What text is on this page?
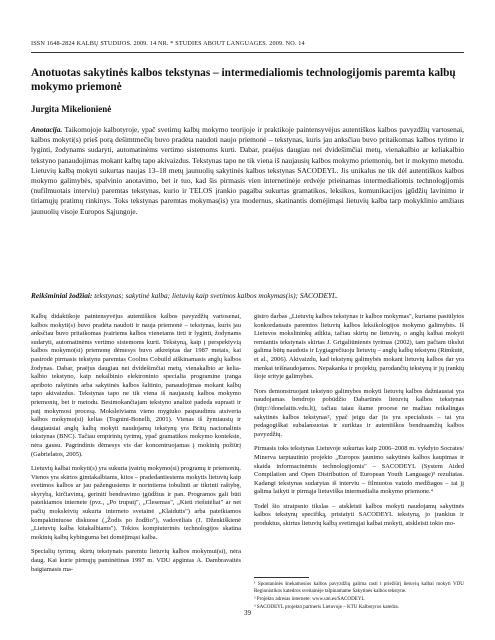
ISSN 1648-2824 KALBŲ STUDIJOS. 2009. 14 NR. * STUDIES ABOUT LANGUAGES. 2009. NO. 14
Anotuotas sakytinės kalbos tekstynas – intermedialiomis technologijomis paremta kalbų mokymo priemonė
Jurgita Mikelionienė
Anotacija. Taikomojoje kalbotyroje, ypač svetimų kalbų mokymo teorijoje ir praktikoje paintensyvėjus autentiškos kalbos pavyzdžių vartosenai, kalbos mokyti(s) prieš porą dešimtmečių buvo pradėta naudoti naujo priemonė – tekstynas, kuris jau anksčiau buvo pritaikomas kalbos tyrimo ir lyginti, žodynams sudaryti, automatinėms vertimo sistemoms kurti. Dabar, praėjus daugiau nei dvidešimčiai metų, vienakalbio ar keliakalbio tekstyno panaudojimas mokant kalbų tapo akivaizdus. Tekstynas tapo ne tik viena iš naujausių kalbos mokymo priemonių, bet ir mokymo metodu. Lietuvių kalbą mokyti sukurtas naujas 13–18 metų jaunuolių sakytinės kalbos tekstynas SACODEYL. Jis unikalus ne tik dėl autentiškos kalbos mokymo galimybės, spalvinio anotavimo, bet ir tuo, kad šis pirmasis vien internetinėje erdvėje prieinamas intermedialiomis technologijomis (nufilmuotais interviu) paremtas tekstynas, kurio ir TELOS įrankio pagalba sukurtas gramatikos, leksikos, komunikacijos įgūdžių lavinimo ir tiriamųjų pratimų rinkinys. Toks tekstynas paremtas mokymas(is) yra modernus, skatinantis domėjimąsi lietuvių kalba tarp mokyklinio amžiaus jaunuolių visoje Europos Sąjungoje.
Reikšminiai žodžiai: tekstynas; sakytinė kalba; lietuvių kaip svetimos kalbos mokymas(is); SACODEYL.

Kalbų didaktikoje paintensyvėjus autentiškos kalbos pavyzdžių vartosenai, kalbos mokyti(s) buvo pradėta naudoti ir nauja priemonė – tekstynas, kuris jau anksčiau buvo pritaikomas įvairiems kalbos vienetams tirti ir lyginti, žodynams sudaryti, automatinėms vertimo sistemoms kurti. Tekstyną, kaip į perspektyvią kalbos mokymo(si) priemonę dėmesys buvo atkreiptas dar 1987 metais, kai pasirodė pirmasis tekstynu paremtas Coolins Cobuild aiškinamasis anglų kalbos žodynas. Dabar, praėjus daugiau nei dvidešimčiai metų, vienakalbio ar keliakalbio tekstyno, kaip nekalbinio elektroninio specialia programine įranga apriboto rašytinės arba sakytinės kalbos šaltinio, panaudojimas mokant kalbų tapo akivaizdus. Tekstynas tapo ne tik viena iš naujausių kalbos mokymo priemonių, bet ir metodu. Besimokančiajam tekstyno analizė padeda suprasti ir patį mokymosi procesą. Moksleiviams vieno mygtuko paspaudimu atsiveria kalbos mokymo(si) kelias (Tognini-Bonelli, 2001). Vienas iš žymiausių ir daugiausiai anglų kalbą mokyti naudojamų tekstynų yra Britų nacionalinis tekstynas (BNC). Tačiau empirinių tyrimų, ypač gramatikos mokymo kontekste, nėra gausu. Pagrindinis dėmesys vis dar koncentruojamas į mokinių požiūrį (Gabrielatos, 2005).

Lietuvių kalbai mokyti(s) yra sukurta įvairių mokymo(si) programų ir priemonių. Vienos yra skirtos gimtakalbiams, kitos – pradedantiesiems mokytis lietuvių kaip svetimos kalbos ar jau pažengusiems ir norintiems tobulinti ar tikrinti raštybę, skyrybą, kirčiavimą, geriniti bendravimo įgūdžius ir pan. Programos gali būti pateikiamos internete (pvz., „Po truputį", „Clesemas", „Kieti riešutėliai" ar net pačių moksleivių sukurta interneto svetainė „Klaidutis") arba pateikiamos kompaktiniuose diskuose („Žodis po žodžio"), vadovėliais (J. Dženkiškienė „Lietuvių kalba kitakalbiams"). Tokios kompiuterinės technologijos skatina mokinių kalbų kybinguma bei domėjimąsi kalba.

Specialių tyrimų, skirtų tekstynais paremtu lietuvių kalbos mokymui(si), nėra daug. Kai kurie pirmųjų paminėtinas 1997 m. VDU apgintas A. Dambravaitės baigiamasis ma-

gistro darbas „Lietuvių kalbos tekstynas ir kalbos mokymas", kuriame pasiūlytos konkordansais paremtos lietuvių kalbos leksikologijos mokymo galimybės. Iš Lietuvos mokslininkų atlikta, tačiau skirtų ne lietuvių, o anglų kalbai mokyti remiantis tekstynais skirtas J. Grigaliūnienės tyrimas (2002), tam pačiam tikslui galima būtų naudotis ir Lygiagrečiuoju lietuvių – anglų kalbų tekstynu (Rimkutė, et al., 2006). Akivaizdu, kad tekstynų galimybės mokant lietuvių kalbos dar yra menkai teišnaudojamos. Nepakanka ir projektų, parodančių tekstynų ir jų įrankių šioje srityje galimybes.

Nors demonstruojant tekstyno galimybes mokyti lietuvių kalbos dažniausiai yra naudojamas bendrojo pobūdžio Dabartinės lietuvių kalbos tekstynas (http://donelaitis.vdu.lt), tačiau taiau šiame procese ne mažiau reikalingas sakytinės kalbos tekstynas², ypač jeigu dar jis yra specialusis – tai yra pedagogiškai subalansuotas ir suriktas ir autentiškos bendraamžių kalbos pavyzdžių.

Pirmasis toks tekstynas Lietuvoje sukurtas kaip 2006–2008 m. vykdyto Socrates/ Minerva tarptautinio projekto „Europos jaunimo sakytinės kalbos kaupimas ir skaida informacinėmis technologijomis" – SACODEYL (System Aided Compilation and Open Distribution of European Youth Language)³ rezultatas. Kadangi tekstynas sudarytas iš interviu – filmuotos vaizdo medžiagos – tai jį galima laikyti ir pirmąja lietuviška intermedialia mokymo priemone.⁴

Todėl šio straipsnio tikslas – atskleisti kalbos mokyti naudojamų sakytinės kalbos tekstynų specifiką, pristatyti SACODEYL tekstyną, jo įrankius ir produktus, skirtus lietuvių kalbą svetimąjai kalbai mokyti, atskleisti tokio mo-

¹ Spontaninės šnekamosios kalbos pavyzdžių galima rasti t priežiūrį lietuvių kalbai mokyti VDU Regionistikos katedros sveitainėje talpinamame Sakytinės kalbos tekstyne.

² Projekto adresas internete: www.um.es/SACODEYL

³ SACODEYL projekto partneris Lietuvoje – KTU Kalbotyros katedra.

39
